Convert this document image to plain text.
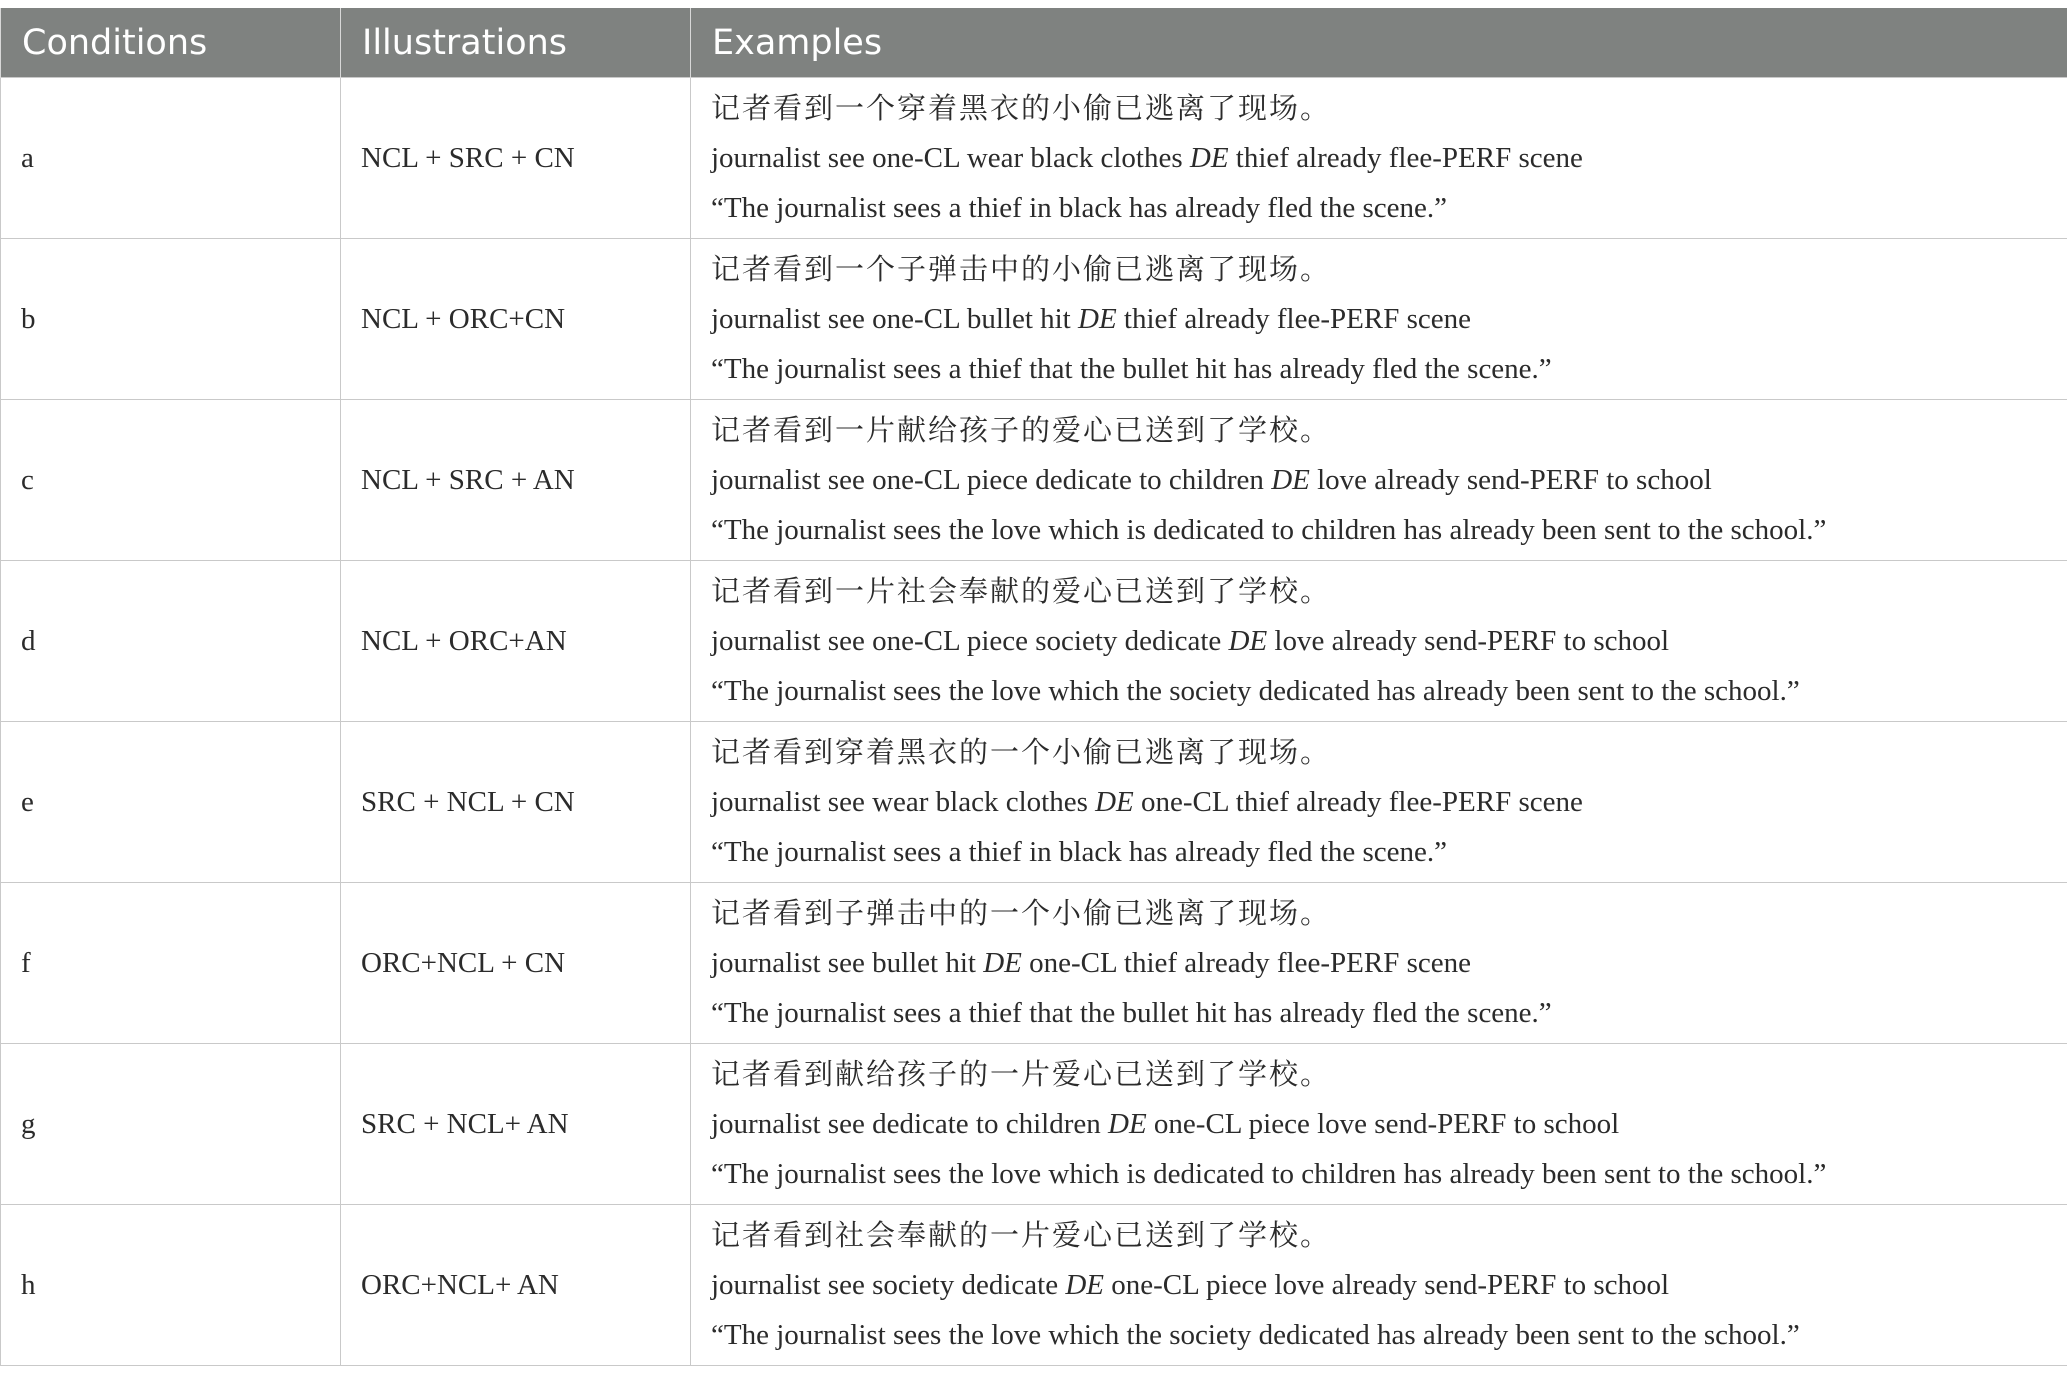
Conditions	Illustrations	Examples
a	NCL + SRC + CN	记者看到一个穿着黑衣的小偷已逃离了现场。
journalist see one-CL wear black clothes DE thief already flee-PERF scene
“The journalist sees a thief in black has already fled the scene.”

b	NCL + ORC+CN	记者看到一个子弹击中的小偷已逃离了现场。
journalist see one-CL bullet hit DE thief already flee-PERF scene
“The journalist sees a thief that the bullet hit has already fled the scene.”

c	NCL + SRC + AN	记者看到一片献给孩子的爱心已送到了学校。
journalist see one-CL piece dedicate to children DE love already send-PERF to school
“The journalist sees the love which is dedicated to children has already been sent to the school.”

d	NCL + ORC+AN	记者看到一片社会奉献的爱心已送到了学校。
journalist see one-CL piece society dedicate DE love already send-PERF to school
“The journalist sees the love which the society dedicated has already been sent to the school.”

e	SRC + NCL + CN	记者看到穿着黑衣的一个小偷已逃离了现场。
journalist see wear black clothes DE one-CL thief already flee-PERF scene
“The journalist sees a thief in black has already fled the scene.”

f	ORC+NCL + CN	记者看到子弹击中的一个小偷已逃离了现场。
journalist see bullet hit DE one-CL thief already flee-PERF scene
“The journalist sees a thief that the bullet hit has already fled the scene.”

g	SRC + NCL+ AN	记者看到献给孩子的一片爱心已送到了学校。
journalist see dedicate to children DE one-CL piece love send-PERF to school
“The journalist sees the love which is dedicated to children has already been sent to the school.”

h	ORC+NCL+ AN	记者看到社会奉献的一片爱心已送到了学校。
journalist see society dedicate DE one-CL piece love already send-PERF to school
“The journalist sees the love which the society dedicated has already been sent to the school.”
